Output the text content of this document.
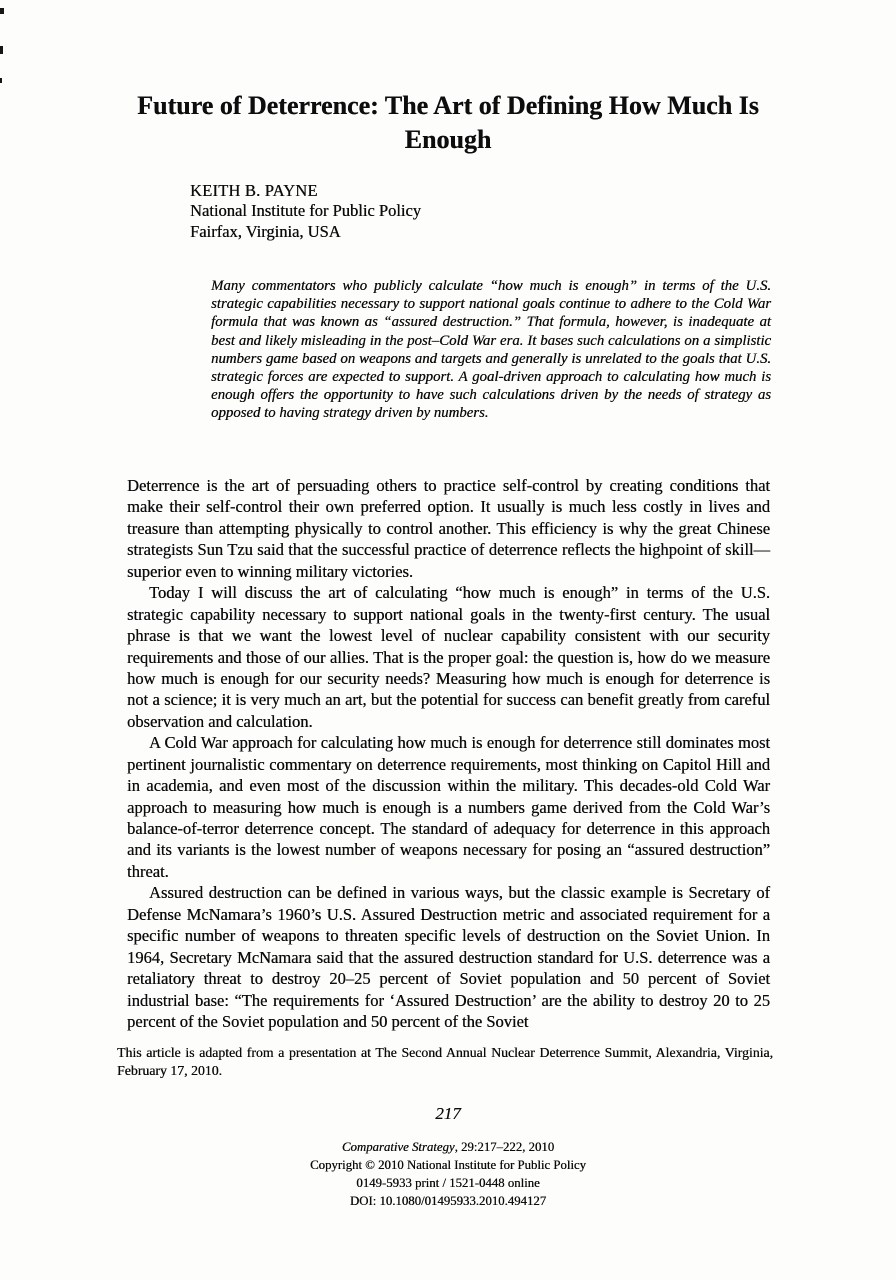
Future of Deterrence: The Art of Defining How Much Is Enough
KEITH B. PAYNE
National Institute for Public Policy
Fairfax, Virginia, USA
Many commentators who publicly calculate “how much is enough” in terms of the U.S. strategic capabilities necessary to support national goals continue to adhere to the Cold War formula that was known as “assured destruction.” That formula, however, is inadequate at best and likely misleading in the post–Cold War era. It bases such calculations on a simplistic numbers game based on weapons and targets and generally is unrelated to the goals that U.S. strategic forces are expected to support. A goal-driven approach to calculating how much is enough offers the opportunity to have such calculations driven by the needs of strategy as opposed to having strategy driven by numbers.

Deterrence is the art of persuading others to practice self-control by creating conditions that make their self-control their own preferred option. It usually is much less costly in lives and treasure than attempting physically to control another. This efficiency is why the great Chinese strategists Sun Tzu said that the successful practice of deterrence reflects the highpoint of skill—superior even to winning military victories.

Today I will discuss the art of calculating “how much is enough” in terms of the U.S. strategic capability necessary to support national goals in the twenty-first century. The usual phrase is that we want the lowest level of nuclear capability consistent with our security requirements and those of our allies. That is the proper goal: the question is, how do we measure how much is enough for our security needs? Measuring how much is enough for deterrence is not a science; it is very much an art, but the potential for success can benefit greatly from careful observation and calculation.

A Cold War approach for calculating how much is enough for deterrence still dominates most pertinent journalistic commentary on deterrence requirements, most thinking on Capitol Hill and in academia, and even most of the discussion within the military. This decades-old Cold War approach to measuring how much is enough is a numbers game derived from the Cold War’s balance-of-terror deterrence concept. The standard of adequacy for deterrence in this approach and its variants is the lowest number of weapons necessary for posing an “assured destruction” threat.

Assured destruction can be defined in various ways, but the classic example is Secretary of Defense McNamara’s 1960’s U.S. Assured Destruction metric and associated requirement for a specific number of weapons to threaten specific levels of destruction on the Soviet Union. In 1964, Secretary McNamara said that the assured destruction standard for U.S. deterrence was a retaliatory threat to destroy 20–25 percent of Soviet population and 50 percent of Soviet industrial base: “The requirements for ‘Assured Destruction’ are the ability to destroy 20 to 25 percent of the Soviet population and 50 percent of the Soviet

This article is adapted from a presentation at The Second Annual Nuclear Deterrence Summit, Alexandria, Virginia, February 17, 2010.
217
Comparative Strategy, 29:217–222, 2010
Copyright © 2010 National Institute for Public Policy
0149-5933 print / 1521-0448 online
DOI: 10.1080/01495933.2010.494127
